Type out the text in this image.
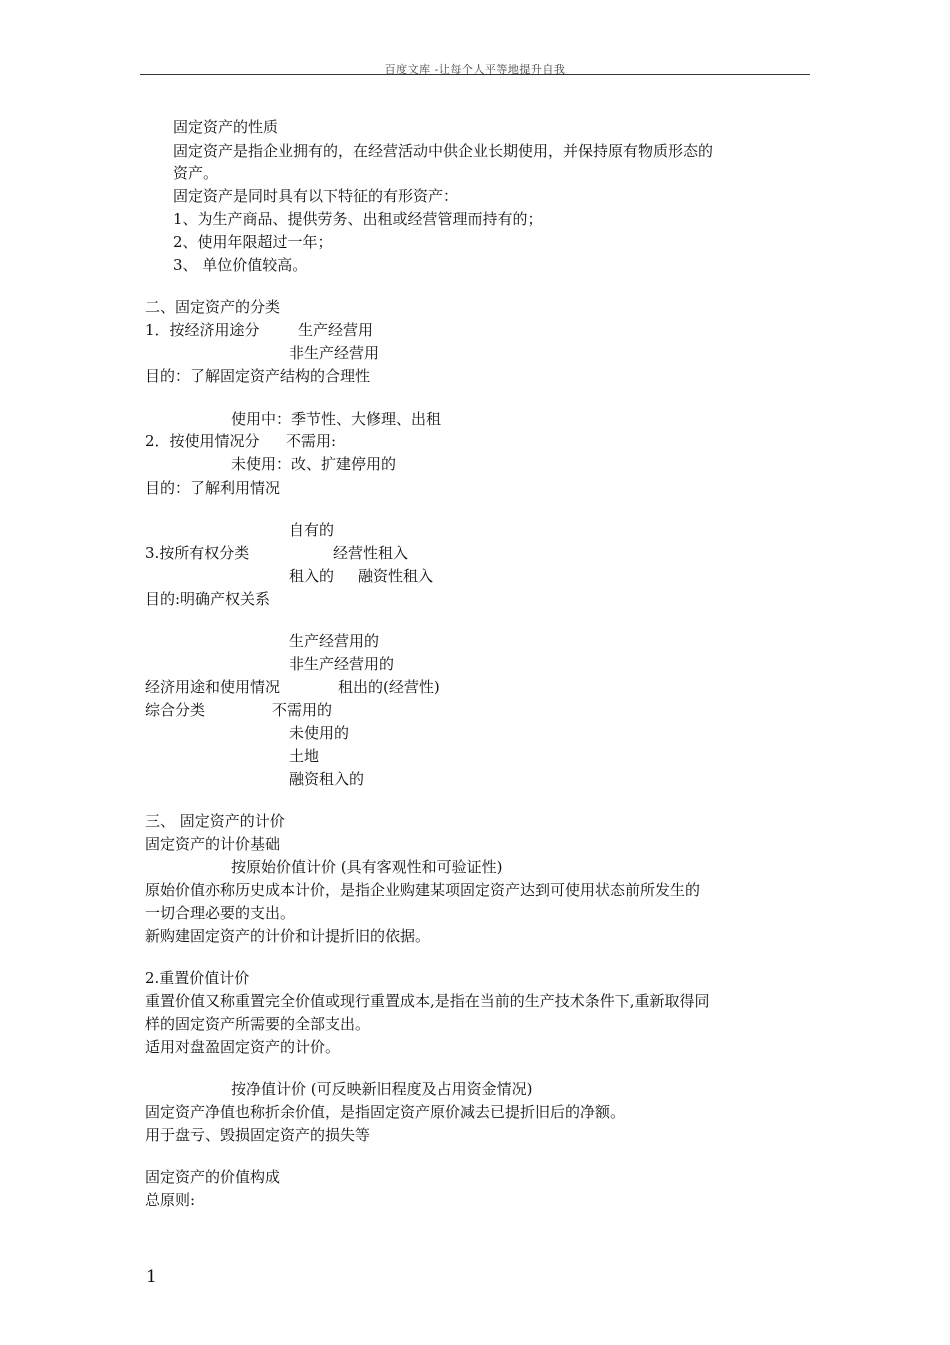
百度文库 -让每个人平等地提升自我
固定资产的性质
固定资产是指企业拥有的，在经营活动中供企业长期使用，并保持原有物质形态的
资产。
固定资产是同时具有以下特征的有形资产：
1、为生产商品、提供劳务、出租或经营管理而持有的；
2、使用年限超过一年；
3、 单位价值较高。
二、固定资产的分类
1．按经济用途分	生产经营用
非生产经营用
目的：了解固定资产结构的合理性
使用中：季节性、大修理、出租
2．按使用情况分 不需用:
未使用：改、扩建停用的
目的：了解利用情况
自有的
3.按所有权分类	经营性租入
租入的 融资性租入
目的:明确产权关系
生产经营用的
非生产经营用的
经济用途和使用情况	租出的(经营性)
综合分类	不需用的
未使用的
土地
融资租入的
三、 固定资产的计价
固定资产的计价基础
按原始价值计价 (具有客观性和可验证性)
原始价值亦称历史成本计价，是指企业购建某项固定资产达到可使用状态前所发生的
一切合理必要的支出。
新购建固定资产的计价和计提折旧的依据。
2.重置价值计价
重置价值又称重置完全价值或现行重置成本,是指在当前的生产技术条件下,重新取得同
样的固定资产所需要的全部支出。
适用对盘盈固定资产的计价。
按净值计价 (可反映新旧程度及占用资金情况)
固定资产净值也称折余价值，是指固定资产原价减去已提折旧后的净额。
用于盘亏、毁损固定资产的损失等
固定资产的价值构成
总原则:
1
